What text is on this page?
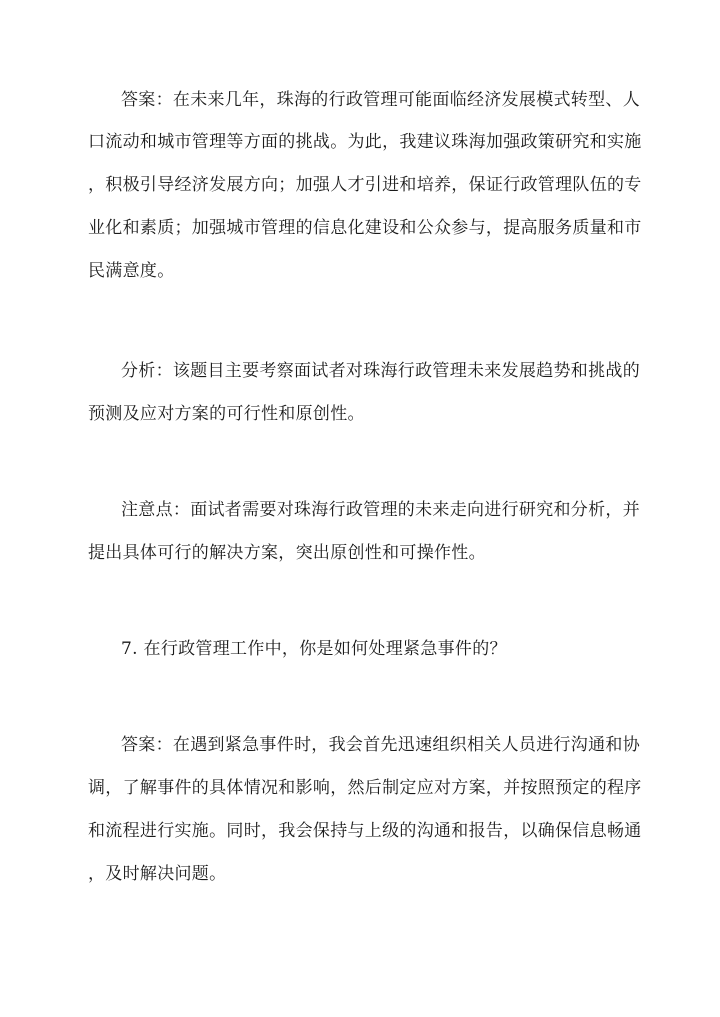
答案：在未来几年，珠海的行政管理可能面临经济发展模式转型、人
口流动和城市管理等方面的挑战。为此，我建议珠海加强政策研究和实施
，积极引导经济发展方向；加强人才引进和培养，保证行政管理队伍的专
业化和素质；加强城市管理的信息化建设和公众参与，提高服务质量和市
民满意度。
分析：该题目主要考察面试者对珠海行政管理未来发展趋势和挑战的
预测及应对方案的可行性和原创性。
注意点：面试者需要对珠海行政管理的未来走向进行研究和分析，并
提出具体可行的解决方案，突出原创性和可操作性。
7. 在行政管理工作中，你是如何处理紧急事件的？
答案：在遇到紧急事件时，我会首先迅速组织相关人员进行沟通和协
调，了解事件的具体情况和影响，然后制定应对方案，并按照预定的程序
和流程进行实施。同时，我会保持与上级的沟通和报告，以确保信息畅通
，及时解决问题。
